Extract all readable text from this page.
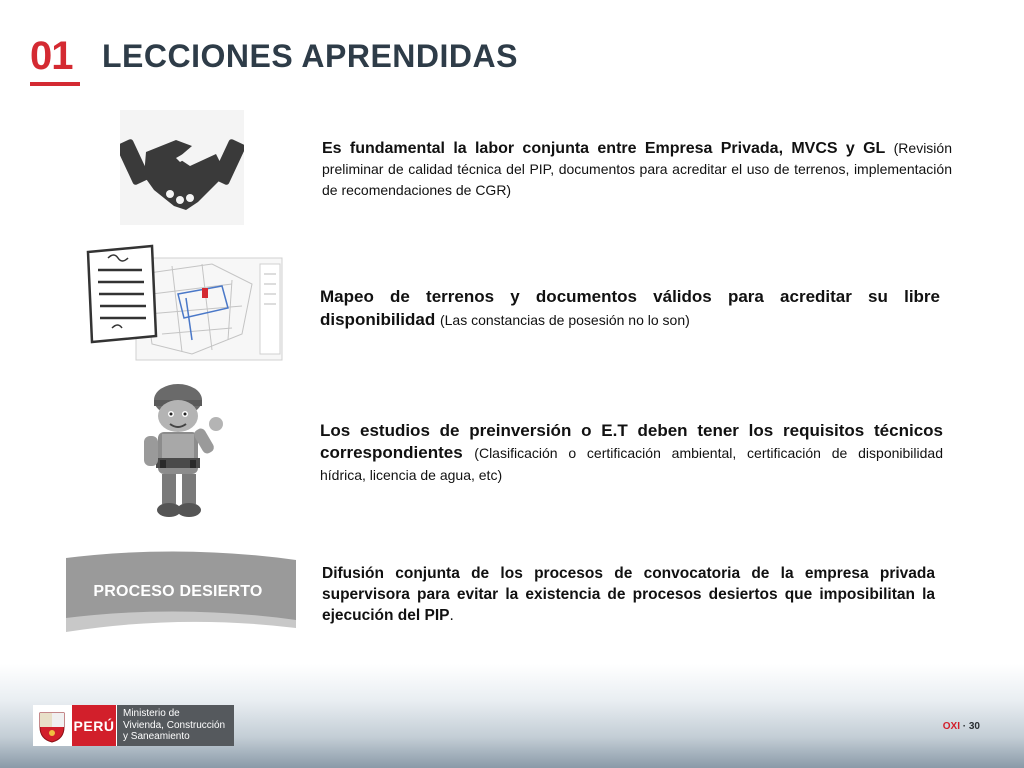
01 LECCIONES APRENDIDAS
Es fundamental la labor conjunta entre Empresa Privada, MVCS y GL (Revisión preliminar de calidad técnica del PIP, documentos para acreditar el uso de terrenos, implementación de recomendaciones de CGR)
Mapeo de terrenos y documentos válidos para acreditar su libre disponibilidad (Las constancias de posesión no lo son)
Los estudios de preinversión o E.T deben tener los requisitos técnicos correspondientes (Clasificación o certificación ambiental, certificación de disponibilidad hídrica, licencia de agua, etc)
PROCESO DESIERTO
Difusión conjunta de los procesos de convocatoria de la empresa privada supervisora para evitar la existencia de procesos desiertos que imposibilitan la ejecución del PIP.
PERÚ
Ministerio de
Vivienda, Construcción
y Saneamiento
OXI · 30
